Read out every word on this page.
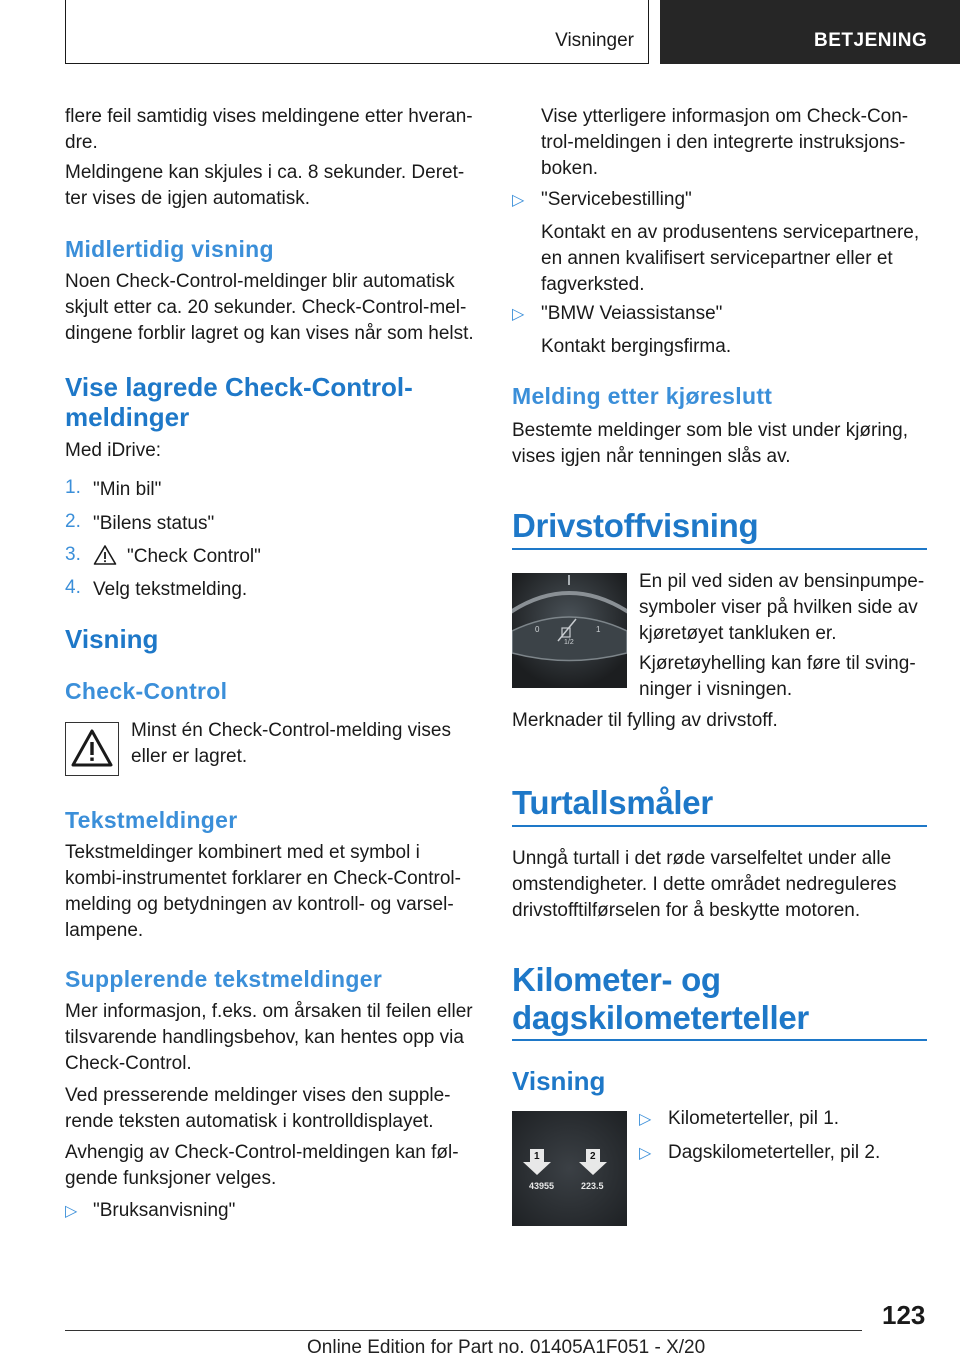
Visninger	BETJENING
flere feil samtidig vises meldingene etter hveran-
dre.
Meldingene kan skjules i ca. 8 sekunder. Deret-
ter vises de igjen automatisk.
Midlertidig visning
Noen Check-Control-meldinger blir automatisk
skjult etter ca. 20 sekunder. Check-Control-mel-
dingene forblir lagret og kan vises når som helst.
Vise lagrede Check-Control-
meldinger
Med iDrive:
1. "Min bil"
2. "Bilens status"
3. "Check Control"
4. Velg tekstmelding.
Visning
Check-Control
Minst én Check-Control-melding vises
eller er lagret.
Tekstmeldinger
Tekstmeldinger kombinert med et symbol i
kombi-instrumentet forklarer en Check-Control-
melding og betydningen av kontroll- og varsel-
lampene.
Supplerende tekstmeldinger
Mer informasjon, f.eks. om årsaken til feilen eller
tilsvarende handlingsbehov, kan hentes opp via
Check-Control.
Ved presserende meldinger vises den supple-
rende teksten automatisk i kontrolldisplayet.
Avhengig av Check-Control-meldingen kan føl-
gende funksjoner velges.
▷ "Bruksanvisning"
Vise ytterligere informasjon om Check-Con-
trol-meldingen i den integrerte instruksjons-
boken.
▷ "Servicebestilling"
Kontakt en av produsentens servicepartnere,
en annen kvalifisert servicepartner eller et
fagverksted.
▷ "BMW Veiassistanse"
Kontakt bergingsfirma.
Melding etter kjøreslutt
Bestemte meldinger som ble vist under kjøring,
vises igjen når tenningen slås av.
Drivstoffvisning
0	1
1/2
En pil ved siden av bensinpumpe-
symboler viser på hvilken side av
kjøretøyet tankluken er.
Kjøretøyhelling kan føre til sving-
ninger i visningen.
Merknader til fylling av drivstoff.
Turtallsmåler
Unngå turtall i det røde varselfeltet under alle
omstendigheter. I dette området nedreguleres
drivstofftilførselen for å beskytte motoren.
Kilometer- og
dagskilometerteller
Visning
1	2
43955	223.5
▷ Kilometerteller, pil 1.
▷ Dagskilometerteller, pil 2.
123
Online Edition for Part no. 01405A1F051 - X/20
